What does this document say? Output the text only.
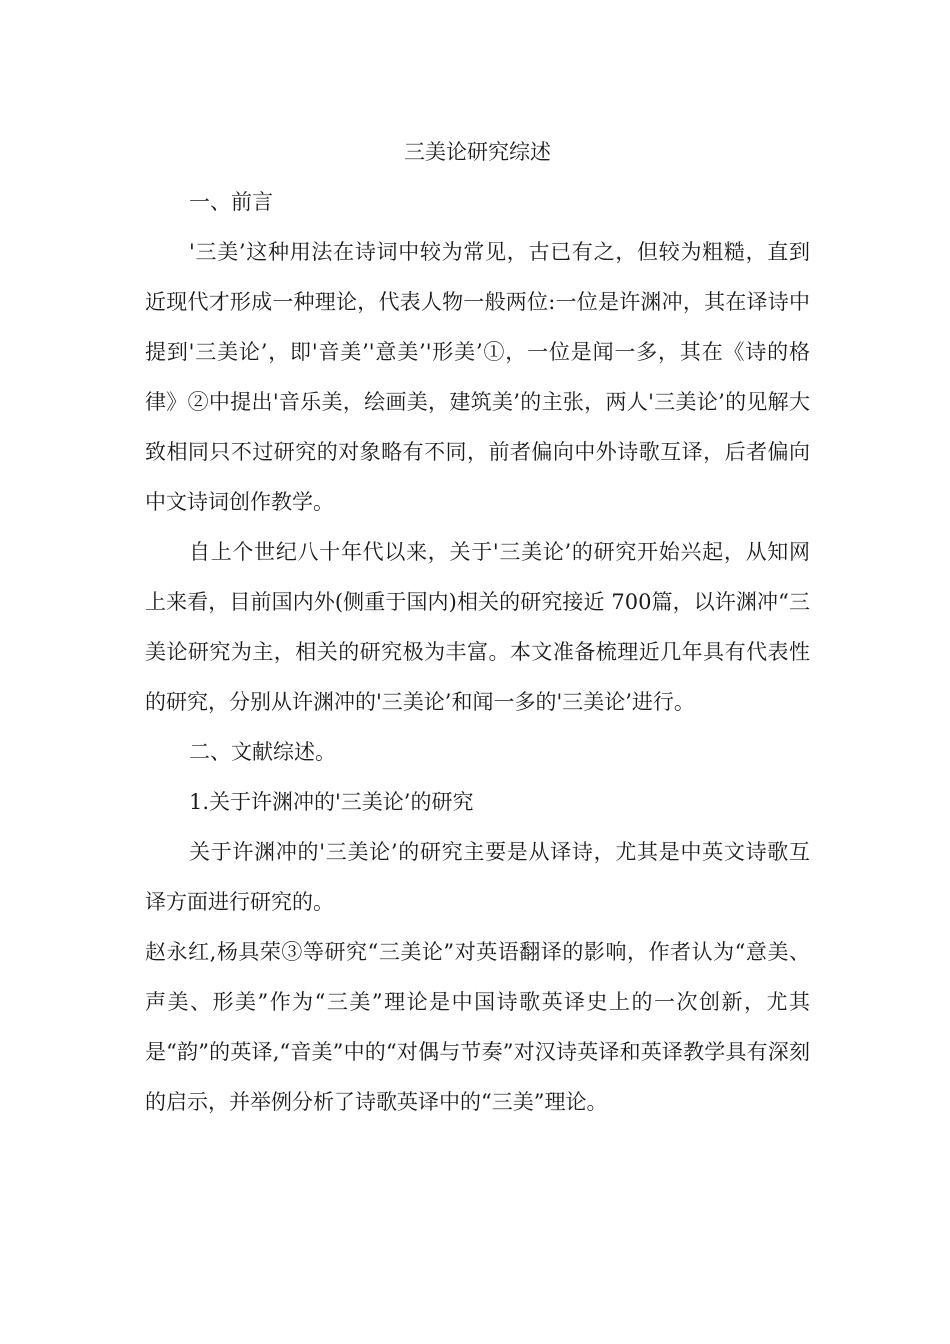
三美论研究综述

一、前言

'三美’这种用法在诗词中较为常见，古已有之，但较为粗糙，直到近现代才形成一种理论，代表人物一般两位:一位是许渊冲，其在译诗中提到'三美论’，即'音美’'意美’'形美’①，一位是闻一多，其在《诗的格律》②中提出'音乐美，绘画美，建筑美’的主张，两人'三美论’的见解大致相同只不过研究的对象略有不同，前者偏向中外诗歌互译，后者偏向中文诗词创作教学。

自上个世纪八十年代以来，关于'三美论’的研究开始兴起，从知网上来看，目前国内外(侧重于国内)相关的研究接近 700篇，以许渊冲“三美论研究为主，相关的研究极为丰富。本文准备梳理近几年具有代表性的研究，分别从许渊冲的'三美论’和闻一多的'三美论’进行。

二、文献综述。

1.关于许渊冲的'三美论’的研究

关于许渊冲的'三美论’的研究主要是从译诗，尤其是中英文诗歌互译方面进行研究的。

赵永红,杨具荣③等研究“三美论”对英语翻译的影响，作者认为“意美、声美、形美”作为“三美”理论是中国诗歌英译史上的一次创新，尤其是“韵”的英译,“音美”中的“对偶与节奏”对汉诗英译和英译教学具有深刻的启示，并举例分析了诗歌英译中的“三美”理论。
